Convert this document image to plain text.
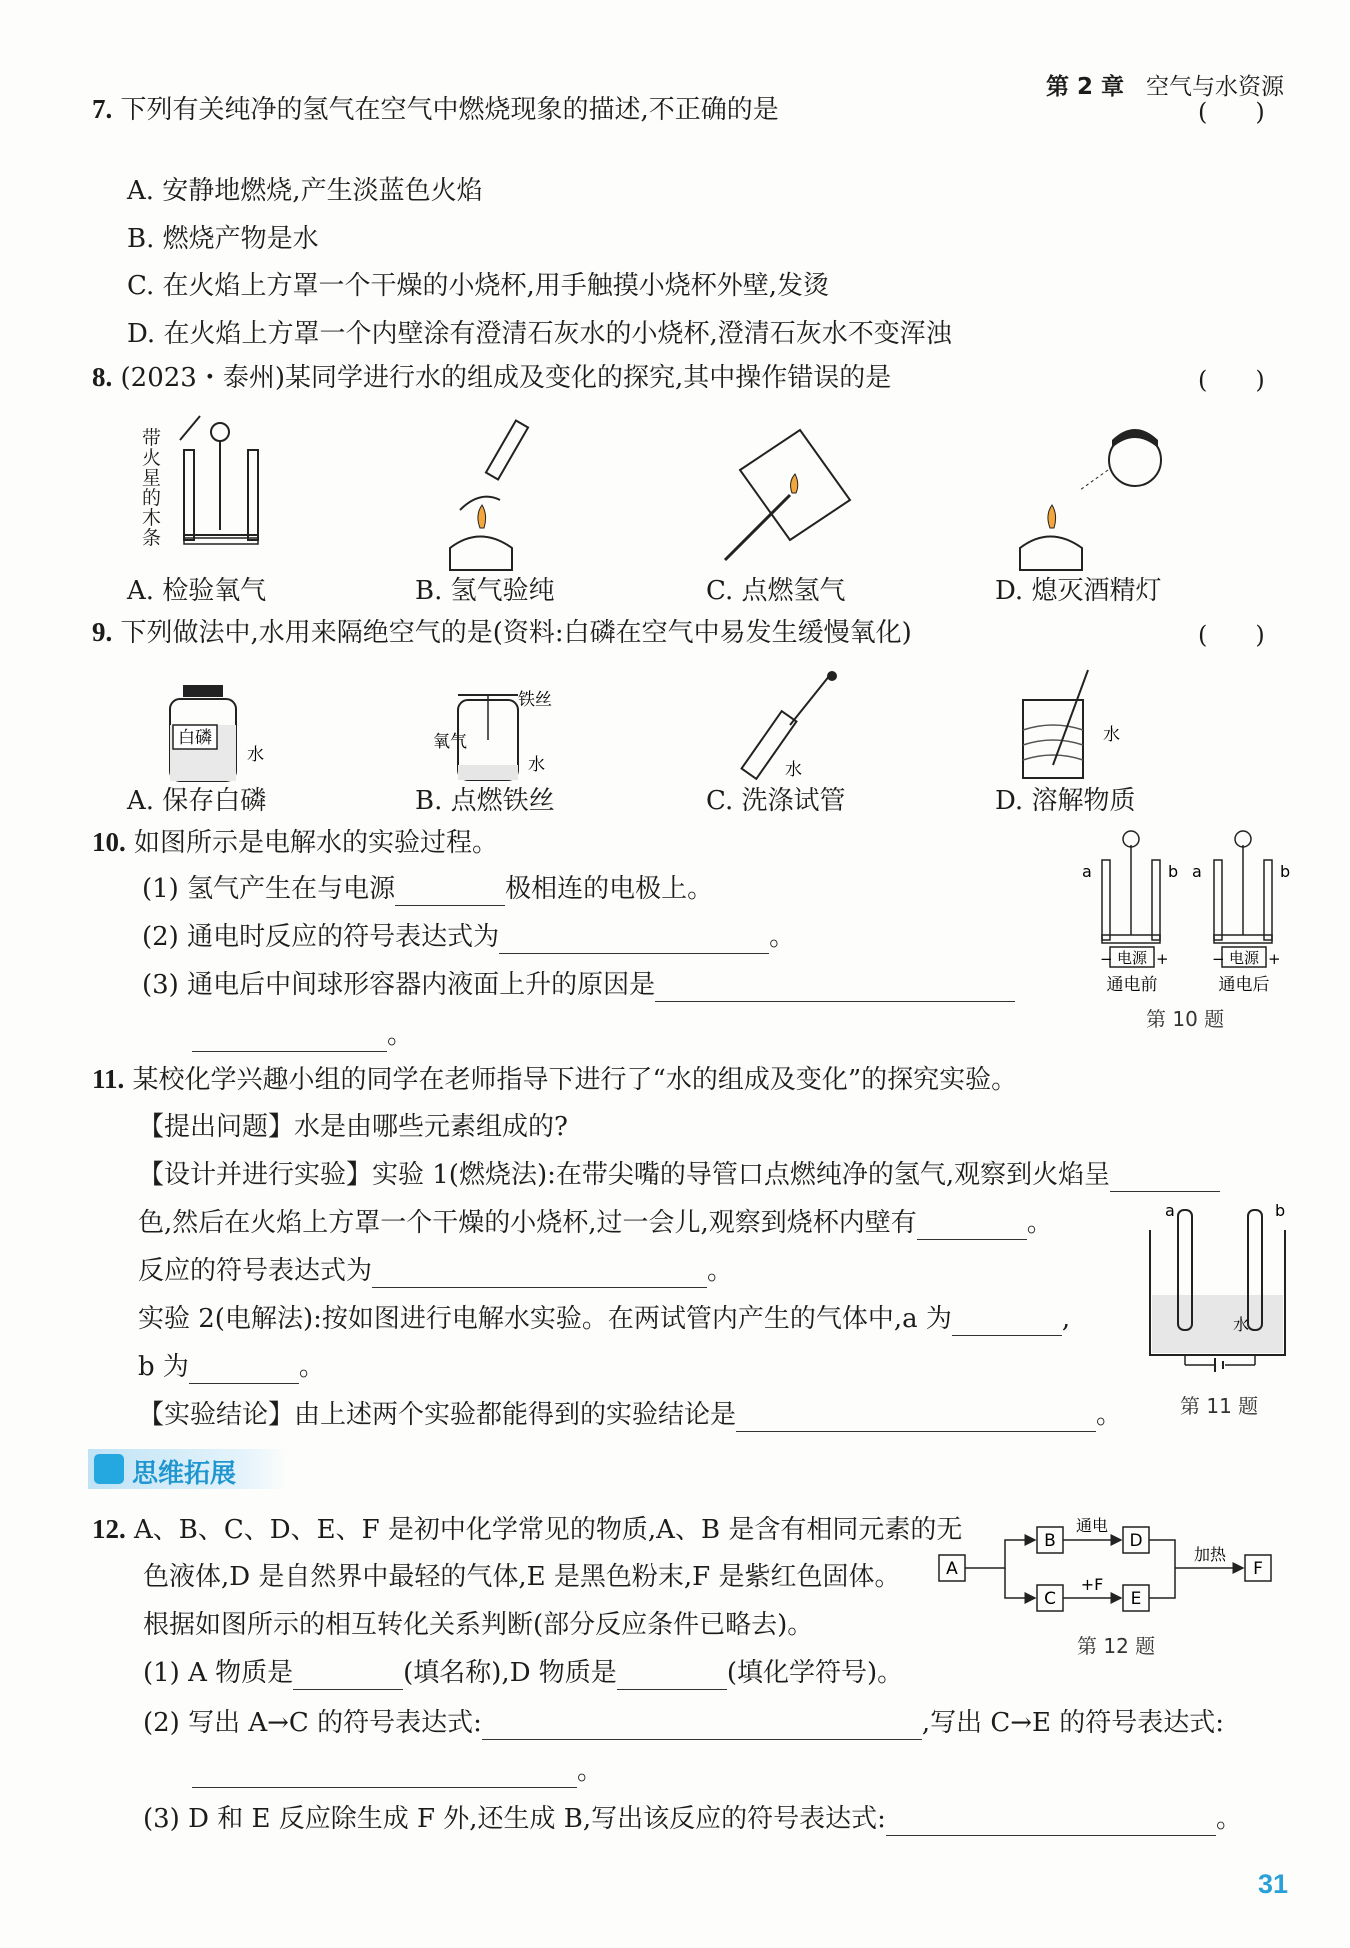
第 2 章 空气与水资源
7. 下列有关纯净的氢气在空气中燃烧现象的描述,不正确的是	(　　)
A. 安静地燃烧,产生淡蓝色火焰
B. 燃烧产物是水
C. 在火焰上方罩一个干燥的小烧杯,用手触摸小烧杯外壁,发烫
D. 在火焰上方罩一个内壁涂有澄清石灰水的小烧杯,澄清石灰水不变浑浊
8. (2023・泰州)某同学进行水的组成及变化的探究,其中操作错误的是	(　　)
带火星的木条
A. 检验氧气	B. 氢气验纯	C. 点燃氢气	D. 熄灭酒精灯
9. 下列做法中,水用来隔绝空气的是(资料:白磷在空气中易发生缓慢氧化)	(　　)
白磷
水
铁丝
氧气
水	水
水
A. 保存白磷	B. 点燃铁丝	C. 洗涤试管	D. 溶解物质
10. 如图所示是电解水的实验过程。
(1) 氢气产生在与电源	极相连的电极上。
(2) 通电时反应的符号表达式为	。
(3) 通电后中间球形容器内液面上升的原因是
。
a	b
电源
−	+
通电前
a	b
电源
−	+
通电后
第 10 题
11. 某校化学兴趣小组的同学在老师指导下进行了“水的组成及变化”的探究实验。
【提出问题】水是由哪些元素组成的?
【设计并进行实验】实验 1(燃烧法):在带尖嘴的导管口点燃纯净的氢气,观察到火焰呈
色,然后在火焰上方罩一个干燥的小烧杯,过一会儿,观察到烧杯内壁有	。
反应的符号表达式为	。
实验 2(电解法):按如图进行电解水实验。在两试管内产生的气体中,a 为	,
b 为	。
【实验结论】由上述两个实验都能得到的实验结论是	。
a	b
水
第 11 题
思维拓展
12. A、B、C、D、E、F 是初中化学常见的物质,A、B 是含有相同元素的无
色液体,D 是自然界中最轻的气体,E 是黑色粉末,F 是紫红色固体。
根据如图所示的相互转化关系判断(部分反应条件已略去)。
(1) A 物质是	(填名称),D 物质是	(填化学符号)。
(2) 写出 A→C 的符号表达式:	,写出 C→E 的符号表达式:
。
(3) D 和 E 反应除生成 F 外,还生成 B,写出该反应的符号表达式:	。
A
B
C
D
E
F
通电
+F
加热
第 12 题
31
